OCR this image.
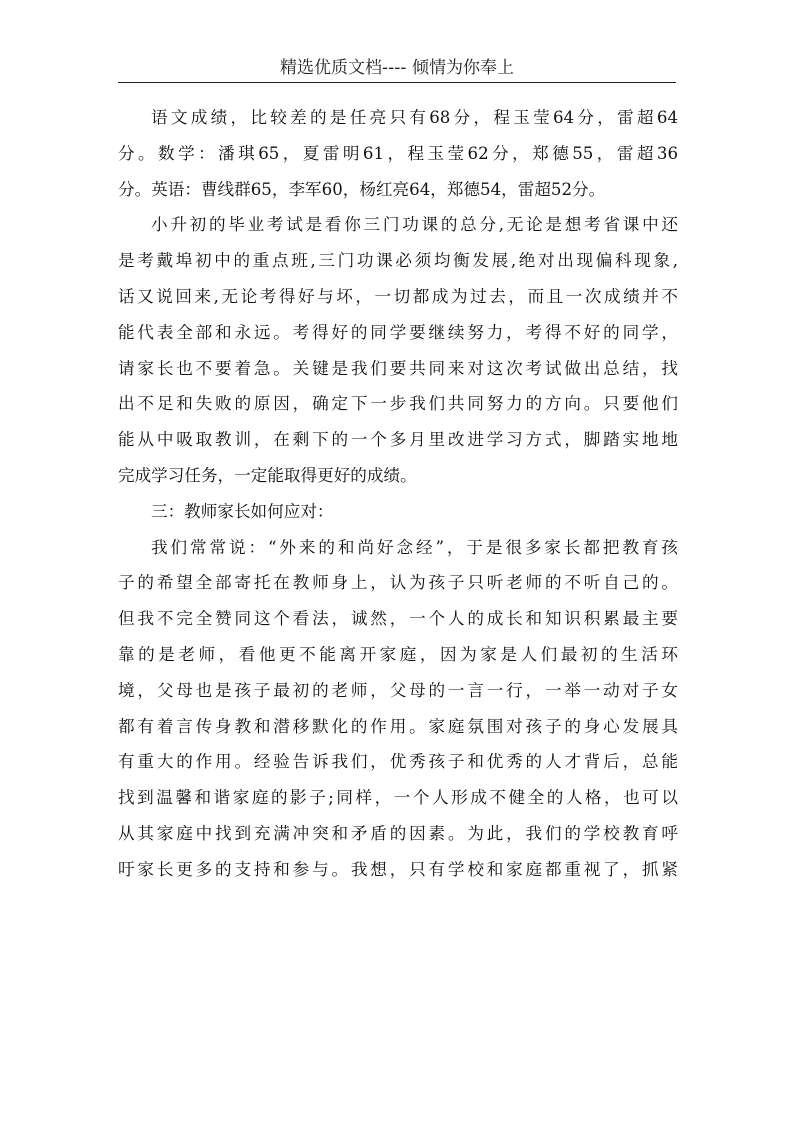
精选优质文档---- 倾情为你奉上
语文成绩，比较差的是任亮只有68分，程玉莹64分，雷超64
分。数学：潘琪65，夏雷明61，程玉莹62分，郑德55，雷超36
分。英语：曹线群65，李军60，杨红亮64，郑德54，雷超52分。
小升初的毕业考试是看你三门功课的总分,无论是想考省课中还
是考戴埠初中的重点班,三门功课必须均衡发展,绝对出现偏科现象,
话又说回来,无论考得好与坏，一切都成为过去，而且一次成绩并不
能代表全部和永远。考得好的同学要继续努力，考得不好的同学，
请家长也不要着急。关键是我们要共同来对这次考试做出总结，找
出不足和失败的原因，确定下一步我们共同努力的方向。只要他们
能从中吸取教训，在剩下的一个多月里改进学习方式，脚踏实地地
完成学习任务，一定能取得更好的成绩。
三：教师家长如何应对：
我们常常说：“外来的和尚好念经”，于是很多家长都把教育孩
子的希望全部寄托在教师身上，认为孩子只听老师的不听自己的。
但我不完全赞同这个看法，诚然，一个人的成长和知识积累最主要
靠的是老师，看他更不能离开家庭，因为家是人们最初的生活环
境，父母也是孩子最初的老师，父母的一言一行，一举一动对子女
都有着言传身教和潜移默化的作用。家庭氛围对孩子的身心发展具
有重大的作用。经验告诉我们，优秀孩子和优秀的人才背后，总能
找到温馨和谐家庭的影子;同样，一个人形成不健全的人格，也可以
从其家庭中找到充满冲突和矛盾的因素。为此，我们的学校教育呼
吁家长更多的支持和参与。我想，只有学校和家庭都重视了，抓紧
